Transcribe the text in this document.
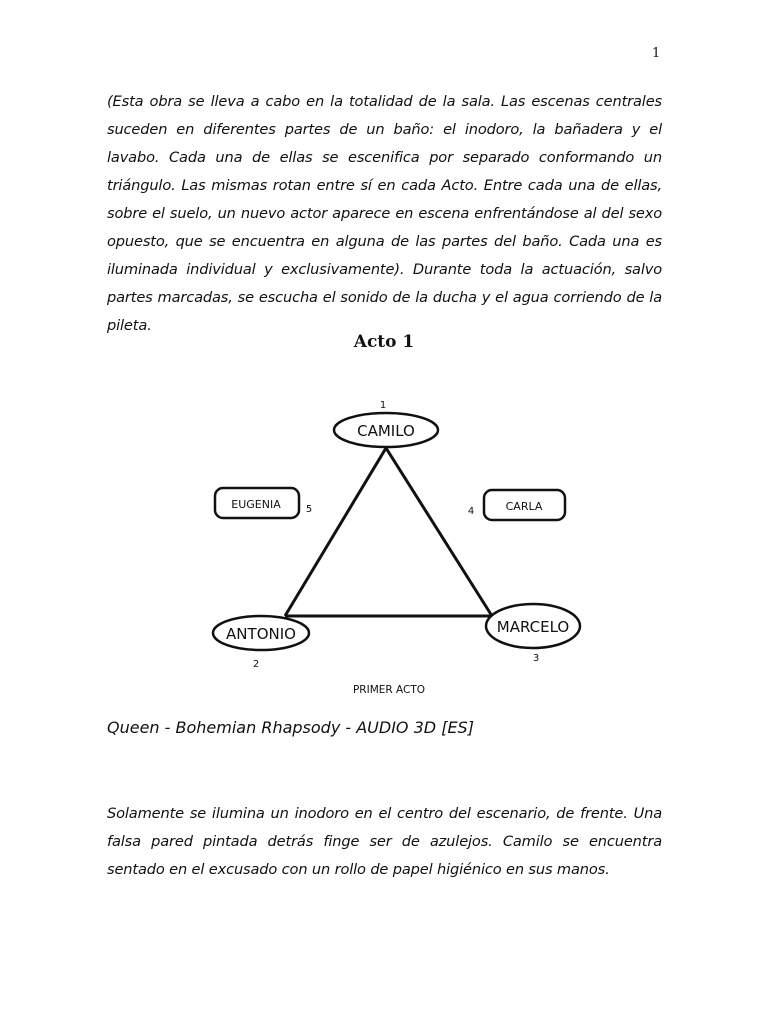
1
(Esta obra se lleva a cabo en la totalidad de la sala. Las escenas centrales suceden en diferentes partes de un baño: el inodoro, la bañadera y el lavabo. Cada una de ellas se escenifica por separado conformando un triángulo. Las mismas rotan entre sí en cada Acto. Entre cada una de ellas, sobre el suelo, un nuevo actor aparece en escena enfrentándose al del sexo opuesto, que se encuentra en alguna de las partes del baño. Cada una es iluminada individual y exclusivamente). Durante toda la actuación, salvo partes marcadas, se escucha el sonido de la ducha y el agua corriendo de la pileta.
Acto 1
CAMILO
1
ANTONIO
2
MARCELO
3
CARLA
4
EUGENIA	5
PRIMER ACTO
Queen - Bohemian Rhapsody - AUDIO 3D [ES]
Solamente se ilumina un inodoro en el centro del escenario, de frente. Una falsa pared pintada detrás finge ser de azulejos. Camilo se encuentra sentado en el excusado con un rollo de papel higiénico en sus manos.
